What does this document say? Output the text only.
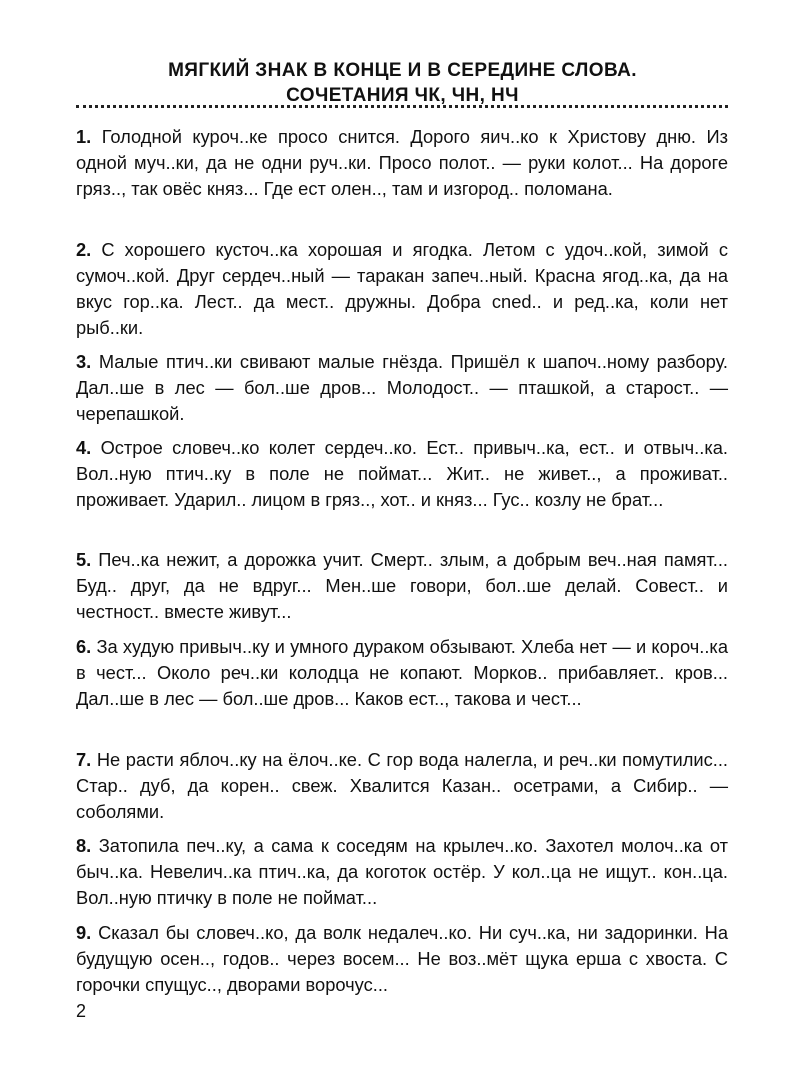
МЯГКИЙ ЗНАК В КОНЦЕ И В СЕРЕДИНЕ СЛОВА.

СОЧЕТАНИЯ ЧК, ЧН, НЧ

1. Голодной куроч..ке просо снится. Дорого яич..ко к Христову дню. Из одной муч..ки, да не одни руч..ки. Просо полот.. — руки колот... На дороге гряз.., так овёс княз... Где ест олен.., там и изгород.. поломана.

2. С хорошего кусточ..ка хорошая и ягодка. Летом с удоч..кой, зимой с сумоч..кой. Друг сердеч..ный — таракан запеч..ный. Красна ягод..ка, да на вкус гор..ка. Лест.. да мест.. дружны. Добра сned.. и ред..ка, коли нет рыб..ки.

3. Малые птич..ки свивают малые гнёзда. Пришёл к шапоч..ному разбору. Дал..ше в лес — бол..ше дров... Молодост.. — пташкой, а старост.. — черепашкой.

4. Острое словеч..ко колет сердеч..ко. Ест.. привыч..ка, ест.. и отвыч..ка. Вол..ную птич..ку в поле не поймат... Жит.. не живет.., а проживат.. проживает. Ударил.. лицом в гряз.., хот.. и княз... Гус.. козлу не брат...

5. Печ..ка нежит, а дорожка учит. Смерт.. злым, а добрым веч..ная памят... Буд.. друг, да не вдруг... Мен..ше говори, бол..ше делай. Совест.. и честност.. вместе живут...

6. За худую привыч..ку и умного дураком обзывают. Хлеба нет — и короч..ка в чест... Около реч..ки колодца не копают. Морков.. прибавляет.. кров... Дал..ше в лес — бол..ше дров... Каков ест.., такова и чест...

7. Не расти яблоч..ку на ёлоч..ке. С гор вода налегла, и реч..ки помутилис... Стар.. дуб, да корен.. свеж. Хвалится Казан.. осетрами, а Сибир.. — соболями.

8. Затопила печ..ку, а сама к соседям на крылеч..ко. Захотел молоч..ка от быч..ка. Невелич..ка птич..ка, да коготок остёр. У кол..ца не ищут.. кон..ца. Вол..ную птичку в поле не поймат...

9. Сказал бы словеч..ко, да волк недалеч..ко. Ни суч..ка, ни задоринки. На будущую осен.., годов.. через восем... Не воз..мёт щука ерша с хвоста. С горочки спущус.., дворами ворочус...

2
